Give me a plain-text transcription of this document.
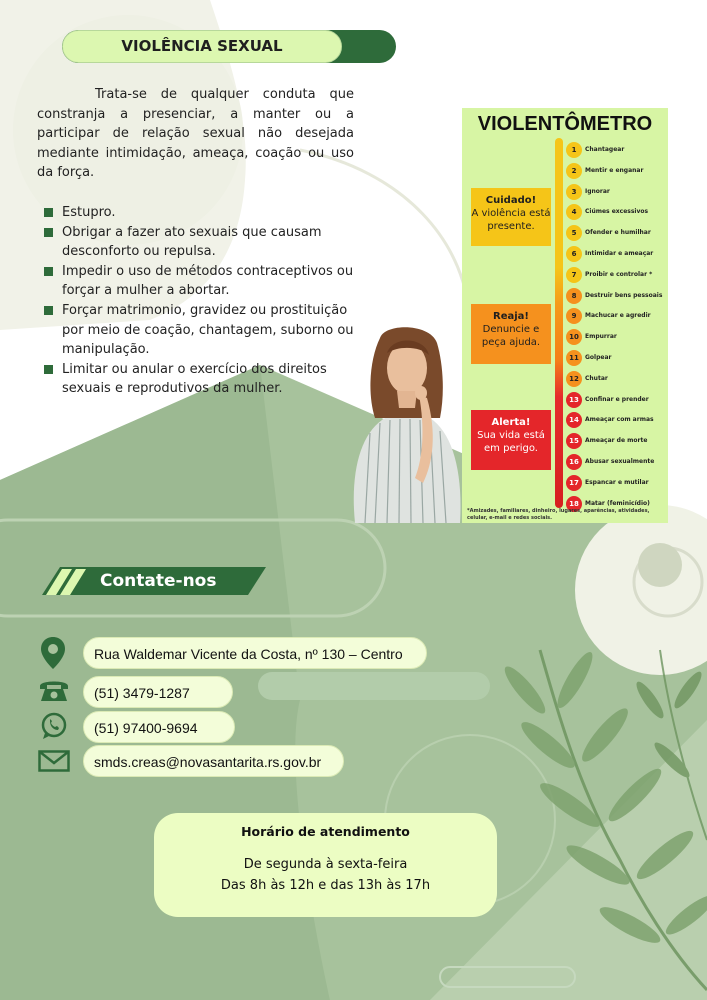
VIOLÊNCIA SEXUAL

Trata-se de qualquer conduta que constranja a presenciar, a manter ou a participar de relação sexual não desejada mediante intimidação, ameaça, coação ou uso da força.

Estupro.
Obrigar a fazer ato sexuais que causam desconforto ou repulsa.
Impedir o uso de métodos contraceptivos ou forçar a mulher a abortar.
Forçar matrimonio, gravidez ou prostituição por meio de coação, chantagem, suborno ou manipulação.
Limitar ou anular o exercício dos direitos sexuais e reprodutivos da mulher.
VIOLENTÔMETRO
1	Chantagear
2	Mentir e enganar
3	Ignorar
4	Ciúmes excessivos
5	Ofender e humilhar
6	Intimidar e ameaçar
7	Proibir e controlar *
8	Destruir bens pessoais
9	Machucar e agredir
10	Empurrar
11	Golpear
12	Chutar
13	Confinar e prender
14	Ameaçar com armas
15	Ameaçar de morte
16	Abusar sexualmente
17	Espancar e mutilar
18	Matar (feminicídio)
Cuidado!
A violência está presente.
Reaja!
Denuncie e peça ajuda.
Alerta!
Sua vida está em perigo.
*Amizades, familiares, dinheiro, lugares, aparências, atividades, celular, e-mail e redes sociais.
Contate-nos
Rua Waldemar Vicente da Costa, nº 130 – Centro
(51) 3479-1287
(51) 97400-9694
smds.creas@novasantarita.rs.gov.br
Horário de atendimento
De segunda à sexta-feira
Das 8h às 12h e das 13h às 17h
